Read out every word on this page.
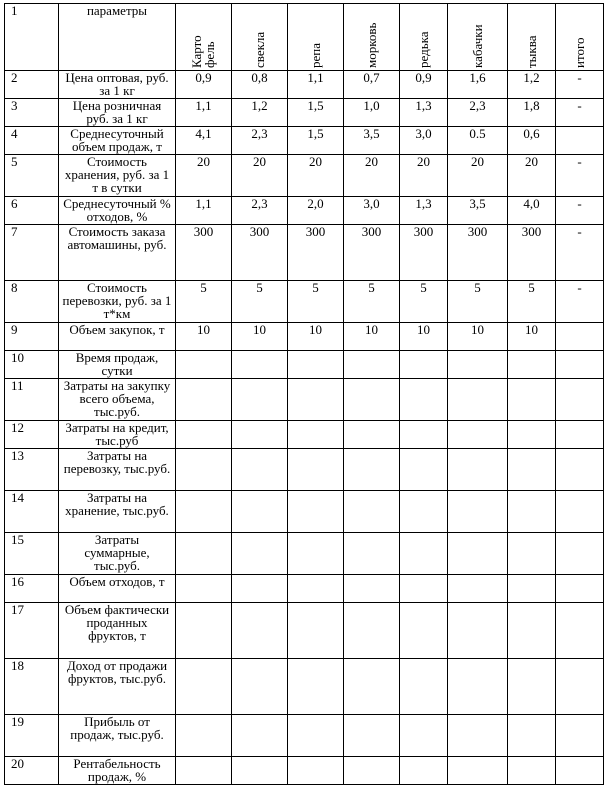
1	параметры	Карто фель	свекла	репа	морковь	редька	кабачки	тыква	итого

2	Цена оптовая, руб. за 1 кг	0,9	0,8	1,1	0,7	0,9	1,6	1,2	-
3	Цена розничная руб. за 1 кг	1,1	1,2	1,5	1,0	1,3	2,3	1,8	-
4	Среднесуточный объем продаж, т	4,1	2,3	1,5	3,5	3,0	0.5	0,6	
5	Стоимость хранения, руб. за 1 т в сутки	20	20	20	20	20	20	20	-
6	Среднесуточный % отходов, %	1,1	2,3	2,0	3,0	1,3	3,5	4,0	-
7	Стоимость заказа автомашины, руб.	300	300	300	300	300	300	300	-
8	Стоимость перевозки, руб. за 1 т*км	5	5	5	5	5	5	5	-
9	Объем закупок, т	10	10	10	10	10	10	10	
10	Время продаж, сутки								
11	Затраты на закупку всего объема, тыс.руб.								
12	Затраты на кредит, тыс.руб								
13	Затраты на перевозку, тыс.руб.								
14	Затраты на хранение, тыс.руб.								
15	Затраты суммарные, тыс.руб.								
16	Объем отходов, т								
17	Объем фактически проданных фруктов, т								
18	Доход от продажи фруктов, тыс.руб.								
19	Прибыль от продаж, тыс.руб.								
20	Рентабельность продаж, %								
